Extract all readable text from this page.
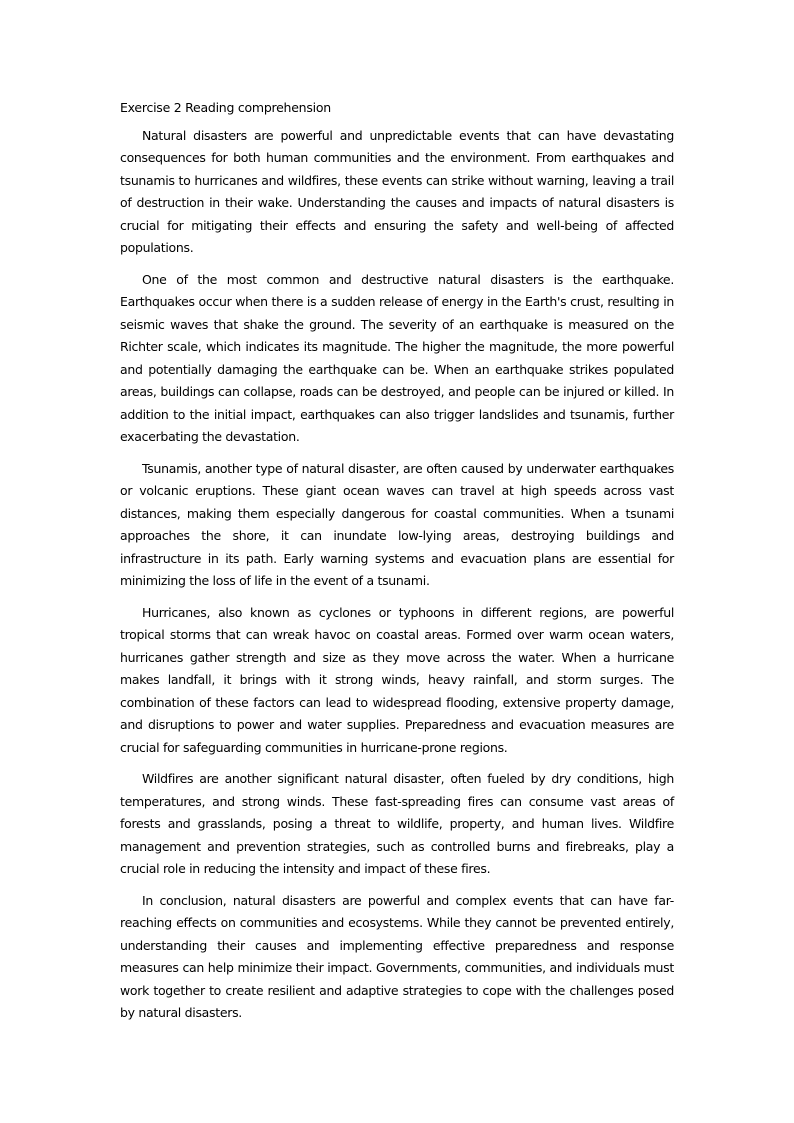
Exercise 2 Reading comprehension

Natural disasters are powerful and unpredictable events that can have devastating consequences for both human communities and the environment. From earthquakes and tsunamis to hurricanes and wildfires, these events can strike without warning, leaving a trail of destruction in their wake. Understanding the causes and impacts of natural disasters is crucial for mitigating their effects and ensuring the safety and well-being of affected populations.

One of the most common and destructive natural disasters is the earthquake. Earthquakes occur when there is a sudden release of energy in the Earth's crust, resulting in seismic waves that shake the ground. The severity of an earthquake is measured on the Richter scale, which indicates its magnitude. The higher the magnitude, the more powerful and potentially damaging the earthquake can be. When an earthquake strikes populated areas, buildings can collapse, roads can be destroyed, and people can be injured or killed. In addition to the initial impact, earthquakes can also trigger landslides and tsunamis, further exacerbating the devastation.

Tsunamis, another type of natural disaster, are often caused by underwater earthquakes or volcanic eruptions. These giant ocean waves can travel at high speeds across vast distances, making them especially dangerous for coastal communities. When a tsunami approaches the shore, it can inundate low-lying areas, destroying buildings and infrastructure in its path. Early warning systems and evacuation plans are essential for minimizing the loss of life in the event of a tsunami.

Hurricanes, also known as cyclones or typhoons in different regions, are powerful tropical storms that can wreak havoc on coastal areas. Formed over warm ocean waters, hurricanes gather strength and size as they move across the water. When a hurricane makes landfall, it brings with it strong winds, heavy rainfall, and storm surges. The combination of these factors can lead to widespread flooding, extensive property damage, and disruptions to power and water supplies. Preparedness and evacuation measures are crucial for safeguarding communities in hurricane-prone regions.

Wildfires are another significant natural disaster, often fueled by dry conditions, high temperatures, and strong winds. These fast-spreading fires can consume vast areas of forests and grasslands, posing a threat to wildlife, property, and human lives. Wildfire management and prevention strategies, such as controlled burns and firebreaks, play a crucial role in reducing the intensity and impact of these fires.

In conclusion, natural disasters are powerful and complex events that can have far-reaching effects on communities and ecosystems. While they cannot be prevented entirely, understanding their causes and implementing effective preparedness and response measures can help minimize their impact. Governments, communities, and individuals must work together to create resilient and adaptive strategies to cope with the challenges posed by natural disasters.
